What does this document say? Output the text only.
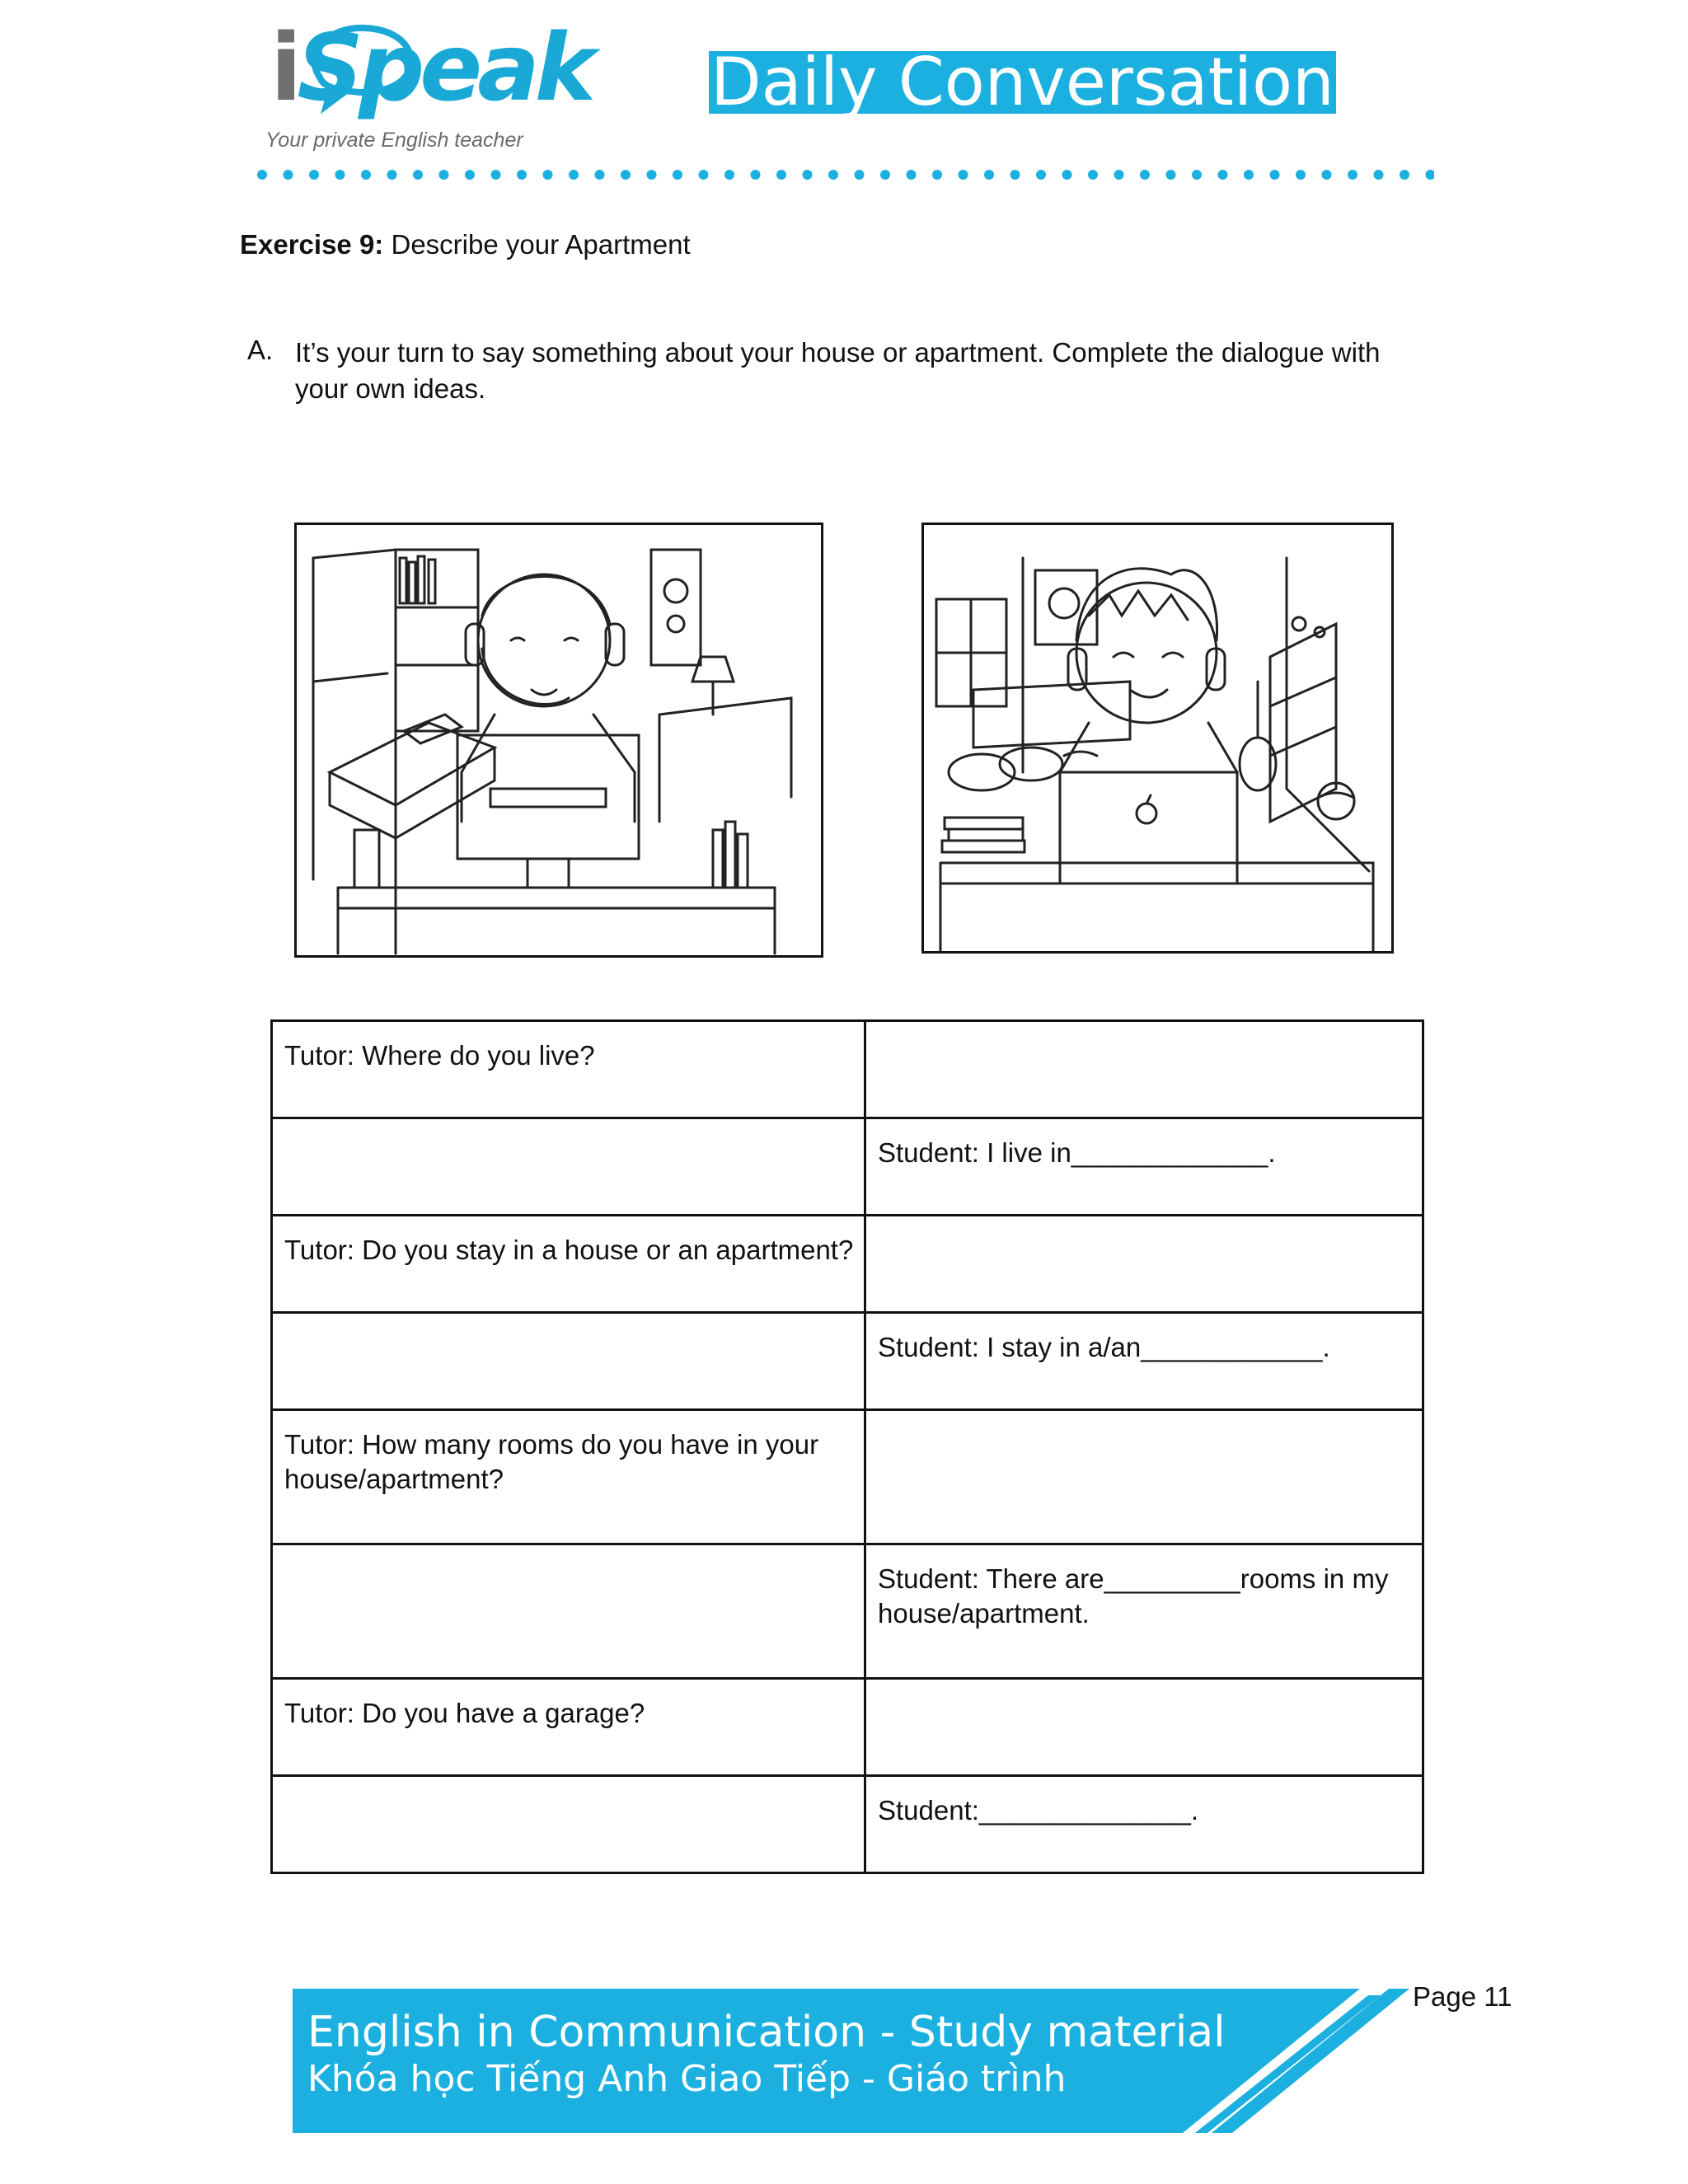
iSpeak
Your private English teacher
Daily Conversation
Exercise 9: Describe your Apartment
A. It’s your turn to say something about your house or apartment. Complete the dialogue with your own ideas.
Tutor: Where do you live?	
	Student: I live in_____________.
Tutor: Do you stay in a house or an apartment?	
	Student: I stay in a/an____________.
Tutor: How many rooms do you have in your house/apartment?	
	Student: There are_________rooms in my house/apartment.
Tutor: Do you have a garage?	
	Student:______________.
English in Communication - Study material
Khóa học Tiếng Anh Giao Tiếp - Giáo trình
Page 11
